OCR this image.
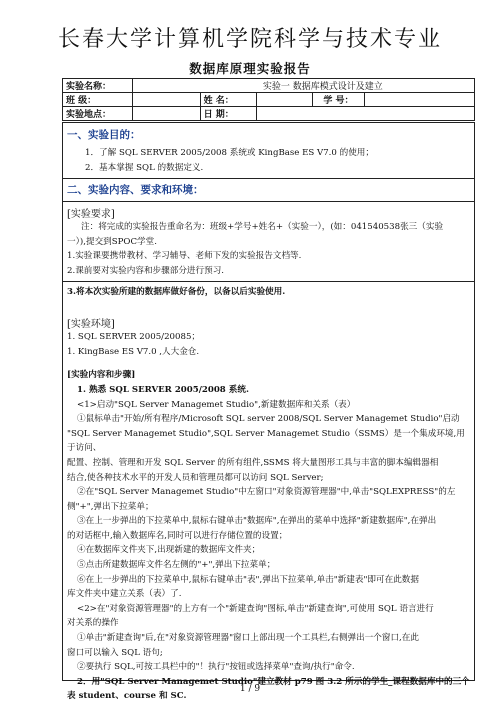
长春大学计算机学院科学与技术专业
数据库原理实验报告
实验名称：	实验一 数据库模式设计及建立				
班 级：		姓 名：		学 号：	
实验地点：		日 期：			
一、实验目的：
1．了解 SQL SERVER 2005/2008 系统或 KingBase ES V7.0 的使用；
2．基本掌握 SQL 的数据定义.
二、实验内容、要求和环境：
[实验要求]
注：将完成的实验报告重命名为：班级+学号+姓名+（实验一），(如：041540538张三（实验
一）),提交到SPOC学堂.
1.实验课要携带教材、学习辅导、老师下发的实验报告文档等.
2.课前要对实验内容和步骤部分进行预习.
3.将本次实验所建的数据库做好备份，以备以后实验使用.
[实验环境]
1. SQL SERVER 2005/20085；
1. KingBase ES V7.0 ,人大金仓.
[实验内容和步骤]
1. 熟悉 SQL SERVER 2005/2008 系统.
<1>启动"SQL Server Managemet Studio",新建数据库和关系（表）
①鼠标单击"开始/所有程序/Microsoft SQL server 2008/SQL Server Managemet Studio"启动
"SQL Server Managemet Studio",SQL Server Managemet Studio（SSMS）是一个集成环境,用于访问、
配置、控制、管理和开发 SQL Server 的所有组件,SSMS 将大量图形工具与丰富的脚本编辑器相
结合,使各种技术水平的开发人员和管理员都可以访问 SQL Server;
②在"SQL Server Managemet Studio"中左窗口"对象资源管理器"中,单击"SQLEXPRESS"的左
侧"+",弹出下拉菜单；
③在上一步弹出的下拉菜单中,鼠标右键单击"数据库",在弹出的菜单中选择"新建数据库",在弹出
的对话框中,输入数据库名,同时可以进行存储位置的设置；
④在数据库文件夹下,出现新建的数据库文件夹；
⑤点击所建数据库文件名左侧的"+",弹出下拉菜单；
⑥在上一步弹出的下拉菜单中,鼠标右键单击"表",弹出下拉菜单,单击"新建表"即可在此数据
库文件夹中建立关系（表）了.
<2>在"对象资源管理器"的上方有一个"新建查询"图标,单击"新建查询",可使用 SQL 语言进行
对关系的操作
①单击"新建查询"后,在"对象资源管理器"窗口上部出现一个工具栏,右侧弹出一个窗口,在此
窗口可以输入 SQL 语句;
②要执行 SQL,可按工具栏中的"！执行"按钮或选择菜单"查询/执行"命令.
2．用"SQL Server Managemet Studio"建立教材 p79 图 3.2 所示的学生_课程数据库中的三个
表 student、course 和 SC.
1 / 9
